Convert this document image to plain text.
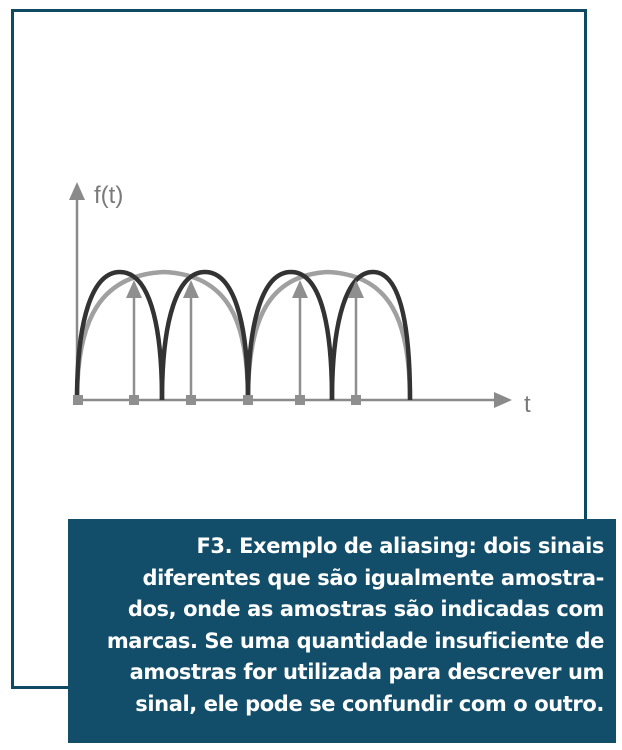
f(t)
t
F3. Exemplo de aliasing: dois sinais
diferentes que são igualmente amostra-
dos, onde as amostras são indicadas com
marcas. Se uma quantidade insuficiente de
amostras for utilizada para descrever um
sinal, ele pode se confundir com o outro.
